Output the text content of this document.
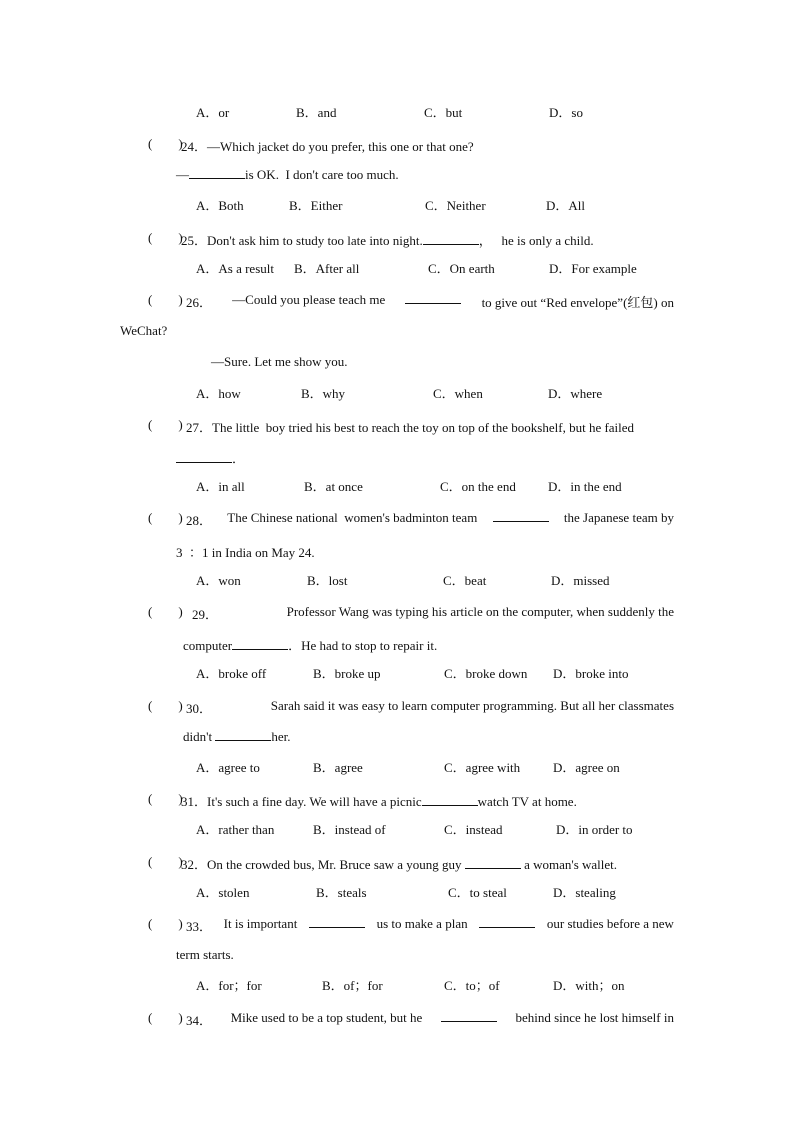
A．or	B．and	C．but	D．so
(        )
24．—Which jacket do you prefer, this one or that one?
—	is OK.  I don't care too much.
A．Both	B．Either	C．Neither	D．All
(        )
25．Don't ask him to study too late into night.	，   he is only a child.
A．As a result B．After all	C．On earth	D．For example
(        ) 26． —Could you please teach me	to give out “Red envelope”(红包) on
WeChat?
—Sure. Let me show you.
A．how	B．why	C．when	D．where
(        ) 27．The little  boy tried his best to reach the toy on top of the bookshelf, but he failed
．
A．in all	B．at once	C．on the end D．in the end
(        ) 28． The Chinese national  women's badminton team	the Japanese team by
3  ：1 in India on May 24.
A．won	B．lost	C．beat	D．missed
(        ) 29．	Professor Wang was typing his article on the computer, when suddenly the
computer	．He had to stop to repair it.
A．broke off	B．broke up	C．broke down D．broke into
(        ) 30．	Sarah said it was easy to learn computer programming. But all her classmates
didn't	her.
A．agree to	B．agree	C．agree with	D．agree on
(        )
31．It's such a fine day. We will have a picnic	watch TV at home.
A．rather than	B．instead of	C．instead	D．in order to
(        )
32．On the crowded bus, Mr. Bruce saw a young guy	a woman's wallet.
A．stolen	B．steals	C．to steal	D．stealing
(        ) 33． It is important	us to make a plan	our studies before a new
term starts.
A．for；for	B．of；for	C．to；of	D．with；on
(        ) 34． Mike used to be a top student, but he	behind since he lost himself in
